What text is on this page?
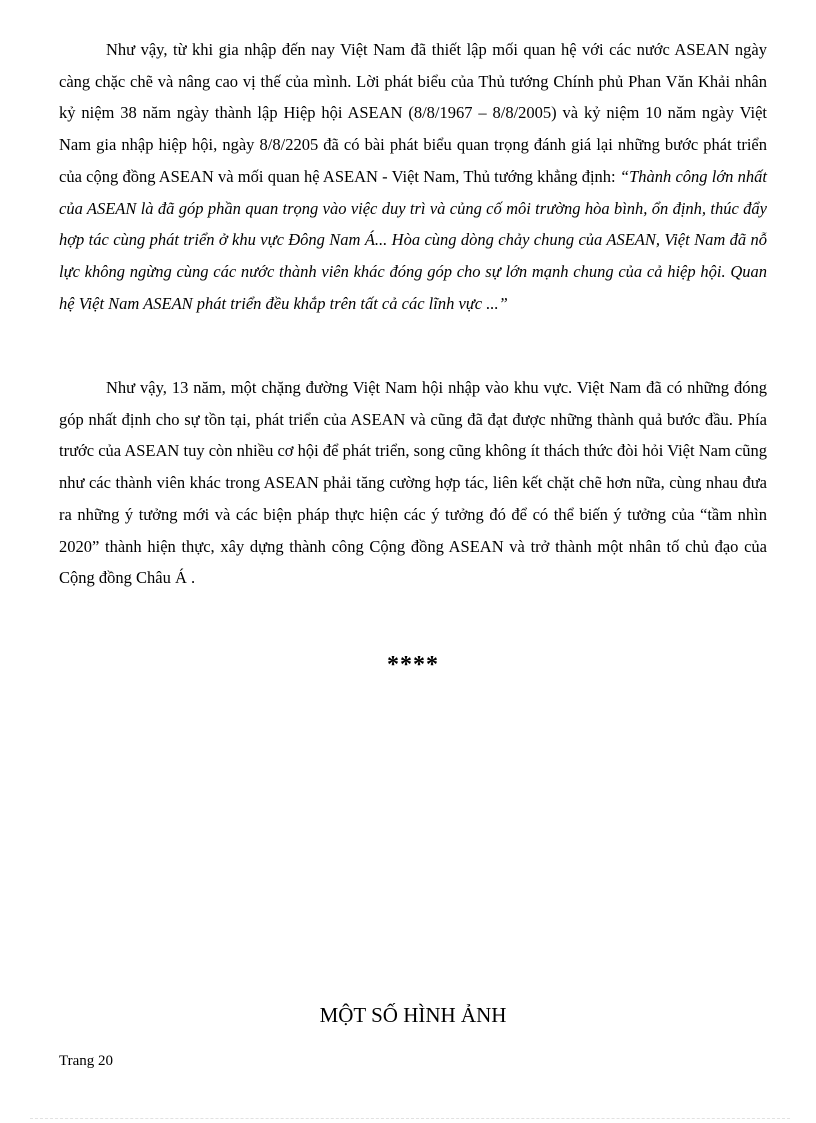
Như vậy, từ khi gia nhập đến nay Việt Nam đã thiết lập mối quan hệ với các nước ASEAN ngày càng chặc chẽ và nâng cao vị thế của mình. Lời phát biểu của Thủ tướng Chính phủ Phan Văn Khải nhân kỷ niệm 38 năm ngày thành lập Hiệp hội ASEAN (8/8/1967 – 8/8/2005) và kỷ niệm 10 năm ngày Việt Nam gia nhập hiệp hội, ngày 8/8/2205 đã có bài phát biểu quan trọng đánh giá lại những bước phát triển của cộng đồng ASEAN và mối quan hệ ASEAN - Việt Nam, Thủ tướng khẳng định: “Thành công lớn nhất của ASEAN là đã góp phần quan trọng vào việc duy trì và củng cố môi trường hòa bình, ổn định, thúc đẩy hợp tác cùng phát triển ở khu vực Đông Nam Á... Hòa cùng dòng chảy chung của ASEAN, Việt Nam đã nỗ lực không ngừng cùng các nước thành viên khác đóng góp cho sự lớn mạnh chung của cả hiệp hội. Quan hệ Việt Nam ASEAN phát triển đều khắp trên tất cả các lĩnh vực ...”

Như vậy, 13 năm, một chặng đường Việt Nam hội nhập vào khu vực. Việt Nam đã có những đóng góp nhất định cho sự tồn tại, phát triển của ASEAN và cũng đã đạt được những thành quả bước đầu. Phía trước của ASEAN tuy còn nhiều cơ hội để phát triển, song cũng không ít thách thức đòi hỏi Việt Nam cũng như các thành viên khác trong ASEAN phải tăng cường hợp tác, liên kết chặt chẽ hơn nữa, cùng nhau đưa ra những ý tưởng mới và các biện pháp thực hiện các ý tưởng đó để có thể biến ý tưởng của “tầm nhìn 2020” thành hiện thực, xây dựng thành công Cộng đồng ASEAN và trở thành một nhân tố chủ đạo của Cộng đồng Châu Á .

****
MỘT SỐ HÌNH ẢNH
Trang 20
